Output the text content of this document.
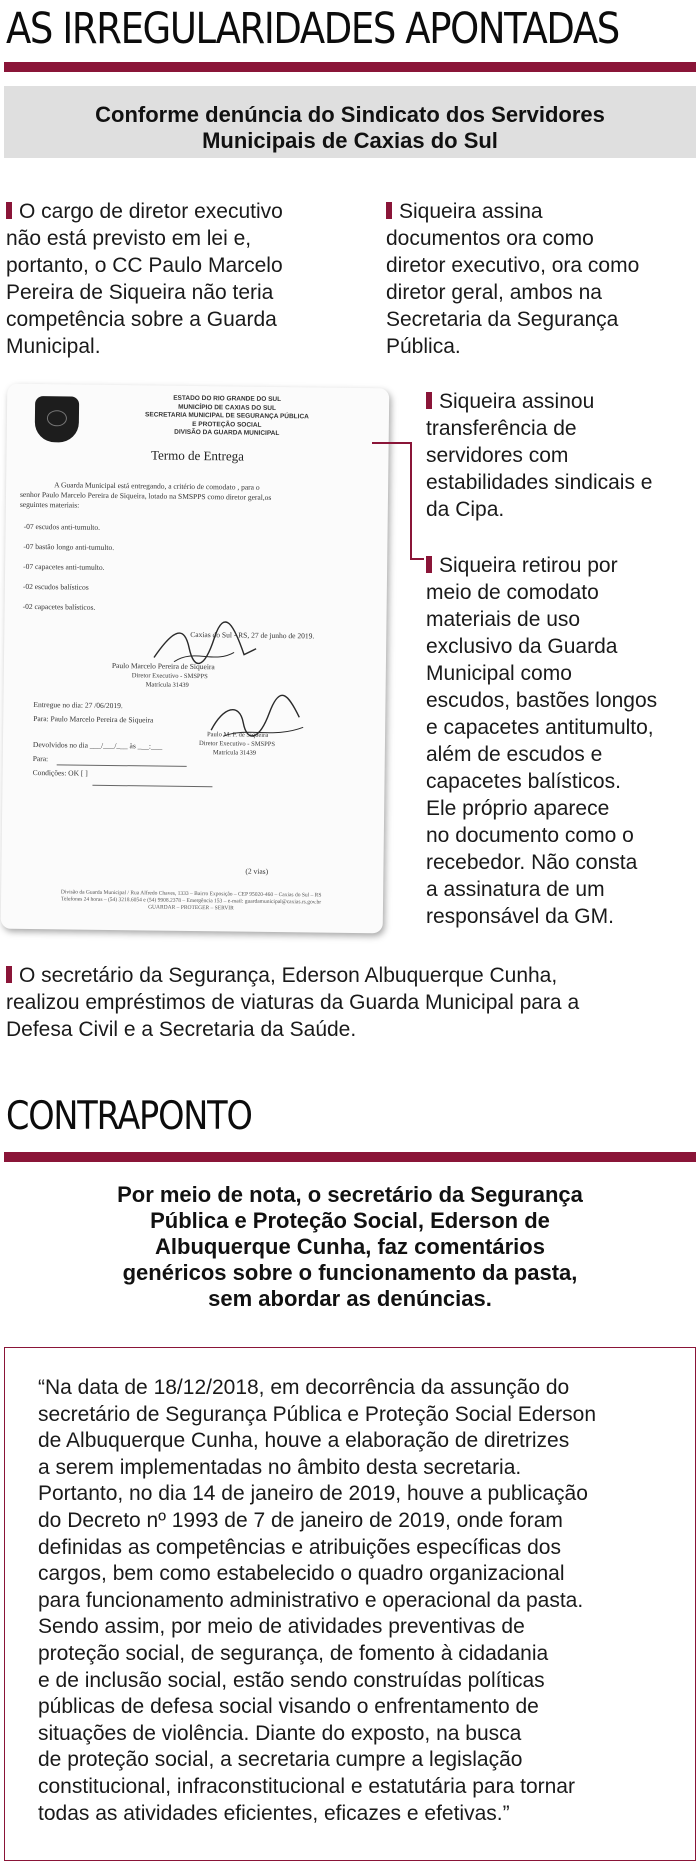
AS IRREGULARIDADES APONTADAS
Conforme denúncia do Sindicato dos Servidores
Municipais de Caxias do Sul
O cargo de diretor executivo
não está previsto em lei e,
portanto, o CC Paulo Marcelo
Pereira de Siqueira não teria
competência sobre a Guarda
Municipal.
Siqueira assina
documentos ora como
diretor executivo, ora como
diretor geral, ambos na
Secretaria da Segurança
Pública.
ESTADO DO RIO GRANDE DO SUL
MUNICÍPIO DE CAXIAS DO SUL
SECRETARIA MUNICIPAL DE SEGURANÇA PÚBLICA
E PROTEÇÃO SOCIAL
DIVISÃO DA GUARDA MUNICIPAL
Termo de Entrega
A Guarda Municipal está entregando, a critério de comodato , para o
senhor Paulo Marcelo Pereira de Siqueira, lotado na SMSPPS como diretor geral,os
seguintes materiais:
-07 escudos anti-tumulto.
-07 bastão longo anti-tumulto.
-07 capacetes anti-tumulto.
-02 escudos balísticos
-02 capacetes balísticos.
Caxias do Sul - RS, 27 de junho de 2019.
Paulo Marcelo Pereira de Siqueira
Diretor Executivo - SMSPPS
Matrícula 31439
Entregue no dia: 27 /06/2019.
Para: Paulo Marcelo Pereira de Siqueira
Devolvidos no dia ___/___/___ às ___:___
Para:
Condições: OK [ ]
Paulo M. P. de Siqueira
Diretor Executivo - SMSPPS
Matrícula 31439
(2 vias)
Divisão da Guarda Municipal / Rua Alfredo Chaves, 1333 – Bairro Exposição – CEP 95020-460 – Caxias do Sul – RS
Telefones 24 horas – (54) 3218.6054 e (54) 9908.2378 – Emergência 153 – e-mail: guardamunicipal@caxias.rs.gov.br
GUARDAR – PROTEGER – SERVIR
Siqueira assinou
transferência de
servidores com
estabilidades sindicais e
da Cipa.
Siqueira retirou por
meio de comodato
materiais de uso
exclusivo da Guarda
Municipal como
escudos, bastões longos
e capacetes antitumulto,
além de escudos e
capacetes balísticos.
Ele próprio aparece
no documento como o
recebedor. Não consta
a assinatura de um
responsável da GM.
O secretário da Segurança, Ederson Albuquerque Cunha,
realizou empréstimos de viaturas da Guarda Municipal para a
Defesa Civil e a Secretaria da Saúde.
CONTRAPONTO
Por meio de nota, o secretário da Segurança
Pública e Proteção Social, Ederson de
Albuquerque Cunha, faz comentários
genéricos sobre o funcionamento da pasta,
sem abordar as denúncias.
“Na data de 18/12/2018, em decorrência da assunção do
secretário de Segurança Pública e Proteção Social Ederson
de Albuquerque Cunha, houve a elaboração de diretrizes
a serem implementadas no âmbito desta secretaria.
Portanto, no dia 14 de janeiro de 2019, houve a publicação
do Decreto nº 1993 de 7 de janeiro de 2019, onde foram
definidas as competências e atribuições específicas dos
cargos, bem como estabelecido o quadro organizacional
para funcionamento administrativo e operacional da pasta.
Sendo assim, por meio de atividades preventivas de
proteção social, de segurança, de fomento à cidadania
e de inclusão social, estão sendo construídas políticas
públicas de defesa social visando o enfrentamento de
situações de violência. Diante do exposto, na busca
de proteção social, a secretaria cumpre a legislação
constitucional, infraconstitucional e estatutária para tornar
todas as atividades eficientes, eficazes e efetivas.”
